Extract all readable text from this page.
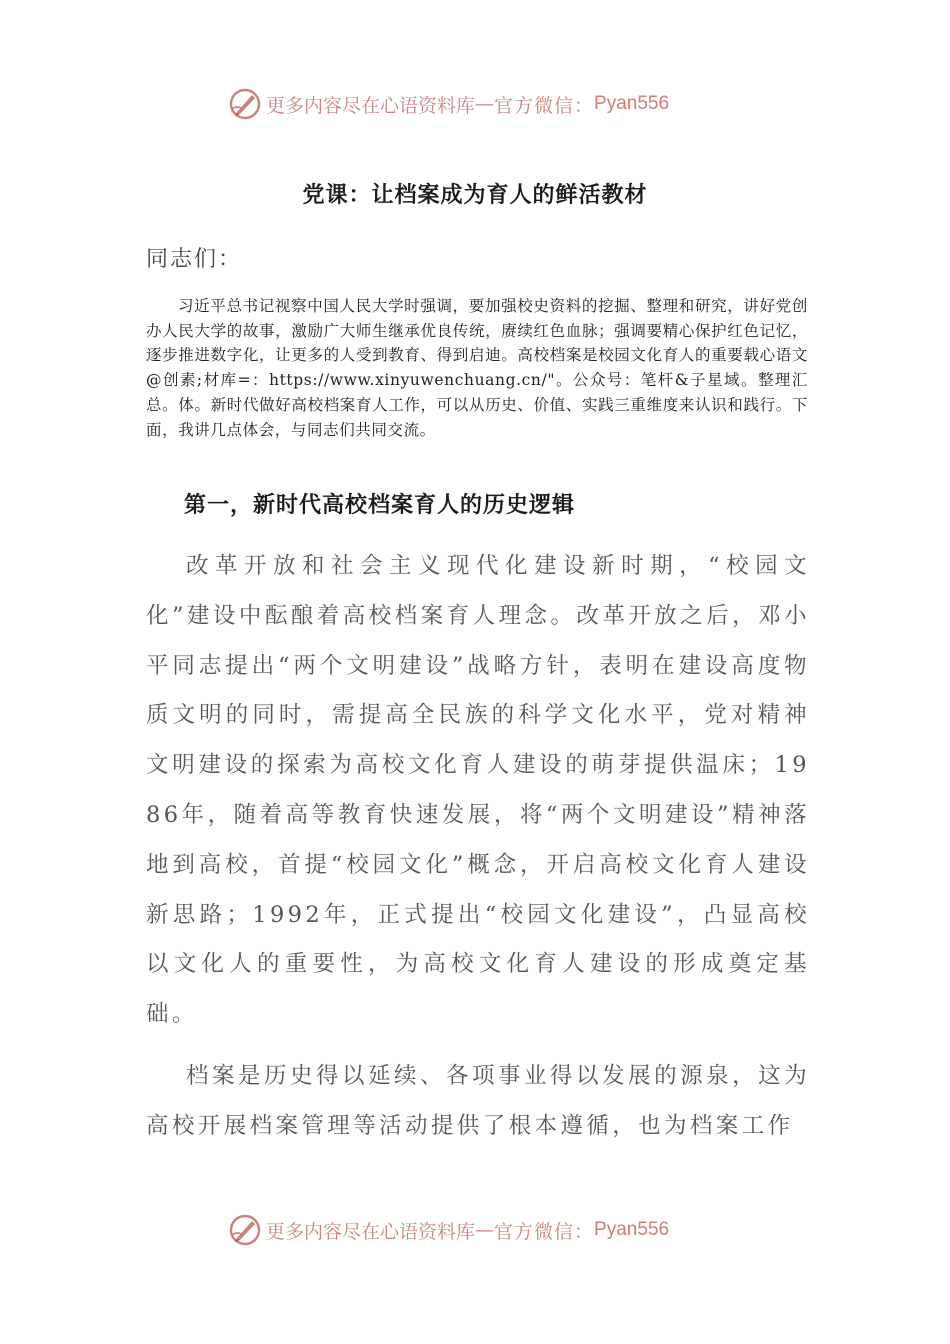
更多内容尽在心语资料库 — 官方微信： Pyan556
党课：让档案成为育人的鲜活教材
同志们：
习近平总书记视察中国人民大学时强调，要加强校史资料的挖掘、整理和研究，讲好党创办人民大学的故事，激励广大师生继承优良传统，赓续红色血脉；强调要精心保护红色记忆，逐步推进数字化，让更多的人受到教育、得到启迪。高校档案是校园文化育人的重要载心语文@创素;材库=：https://www.xinyuwenchuang.cn/"。公众号：笔杆&子星域。整理汇总。体。新时代做好高校档案育人工作，可以从历史、价值、实践三重维度来认识和践行。下面，我讲几点体会，与同志们共同交流。
第一，新时代高校档案育人的历史逻辑
改革开放和社会主义现代化建设新时期，“校园文化”建设中酝酿着高校档案育人理念。改革开放之后，邓小平同志提出“两个文明建设”战略方针，表明在建设高度物质文明的同时，需提高全民族的科学文化水平，党对精神文明建设的探索为高校文化育人建设的萌芽提供温床；1986年，随着高等教育快速发展，将“两个文明建设”精神落地到高校，首提“校园文化”概念，开启高校文化育人建设新思路；1992年，正式提出“校园文化建设”，凸显高校以文化人的重要性，为高校文化育人建设的形成奠定基础。
档案是历史得以延续、各项事业得以发展的源泉，这为高校开展档案管理等活动提供了根本遵循，也为档案工作
更多内容尽在心语资料库 — 官方微信： Pyan556
